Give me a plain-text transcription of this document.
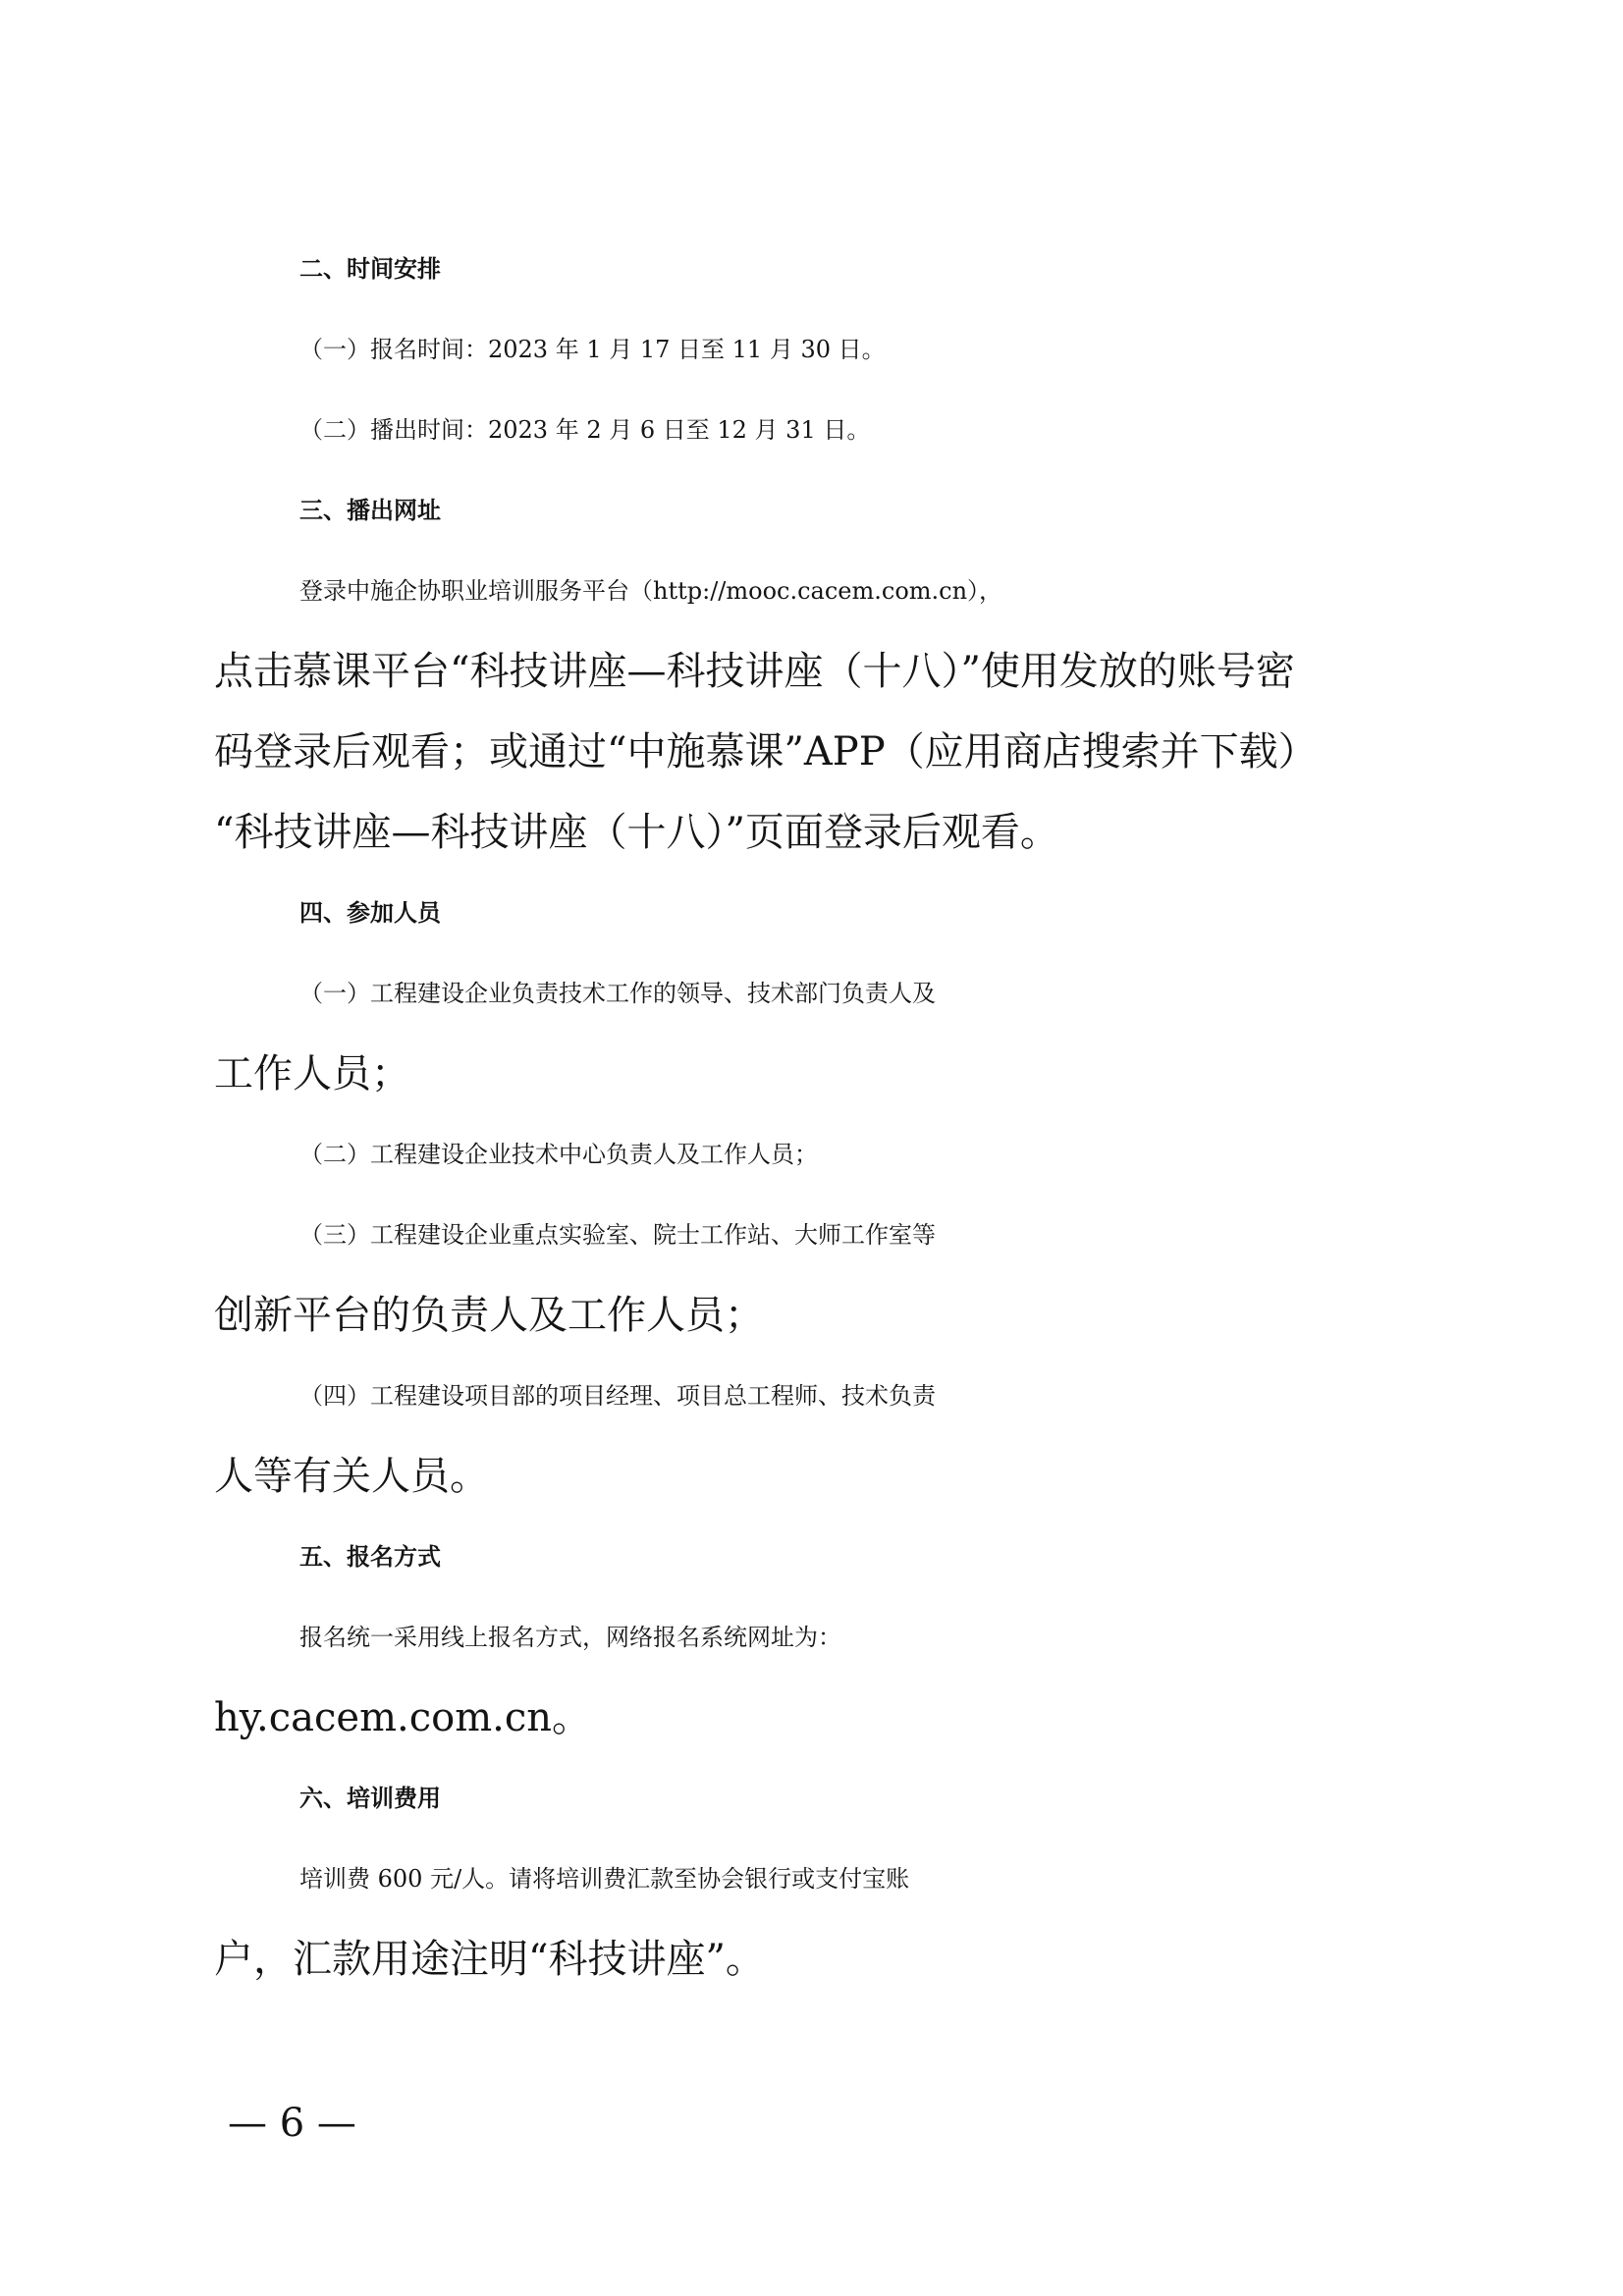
二、时间安排
（一）报名时间：2023 年 1 月 17 日至 11 月 30 日。
（二）播出时间：2023 年 2 月 6 日至 12 月 31 日。
三、播出网址
登录中施企协职业培训服务平台（http://mooc.cacem.com.cn），
点击慕课平台“科技讲座—科技讲座（十八）”使用发放的账号密
码登录后观看；或通过“中施慕课”APP（应用商店搜索并下载）
“科技讲座—科技讲座（十八）”页面登录后观看。
四、参加人员
（一）工程建设企业负责技术工作的领导、技术部门负责人及
工作人员；
（二）工程建设企业技术中心负责人及工作人员；
（三）工程建设企业重点实验室、院士工作站、大师工作室等
创新平台的负责人及工作人员；
（四）工程建设项目部的项目经理、项目总工程师、技术负责
人等有关人员。
五、报名方式
报名统一采用线上报名方式，网络报名系统网址为：
hy.cacem.com.cn。
六、培训费用
培训费 600 元/人。请将培训费汇款至协会银行或支付宝账
户，汇款用途注明“科技讲座”。
— 6 —
